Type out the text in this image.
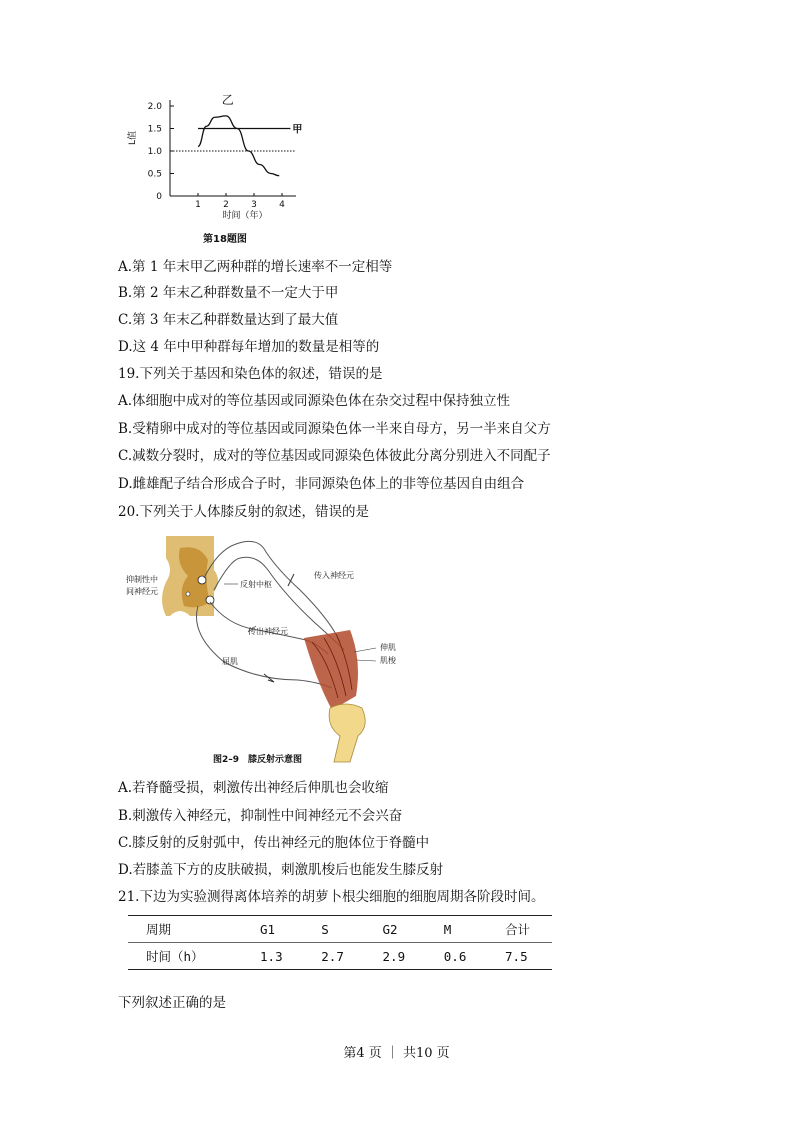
L值
时间（年）
0
0.5
1.0
1.5
2.0
1 2 3 4
甲
乙
第18题图
A.第 1 年末甲乙两种群的增长速率不一定相等
B.第 2 年末乙种群数量不一定大于甲
C.第 3 年末乙种群数量达到了最大值
D.这 4 年中甲种群每年增加的数量是相等的
19.下列关于基因和染色体的叙述，错误的是
A.体细胞中成对的等位基因或同源染色体在杂交过程中保持独立性
B.受精卵中成对的等位基因或同源染色体一半来自母方，另一半来自父方
C.减数分裂时，成对的等位基因或同源染色体彼此分离分别进入不同配子
D.雌雄配子结合形成合子时，非同源染色体上的非等位基因自由组合
20.下列关于人体膝反射的叙述，错误的是
抑制性中
间神经元
反射中枢
传入神经元
传出神经元
伸肌
肌梭
屈肌
图2–9　膝反射示意图
A.若脊髓受损，刺激传出神经后伸肌也会收缩
B.刺激传入神经元，抑制性中间神经元不会兴奋
C.膝反射的反射弧中，传出神经元的胞体位于脊髓中
D.若膝盖下方的皮肤破损，刺激肌梭后也能发生膝反射
21.下边为实验测得离体培养的胡萝卜根尖细胞的细胞周期各阶段时间。
周期	G1	S	G2	M	合计
时间（h）	1.3	2.7	2.9	0.6	7.5
下列叙述正确的是
第4 页 ｜ 共10 页
